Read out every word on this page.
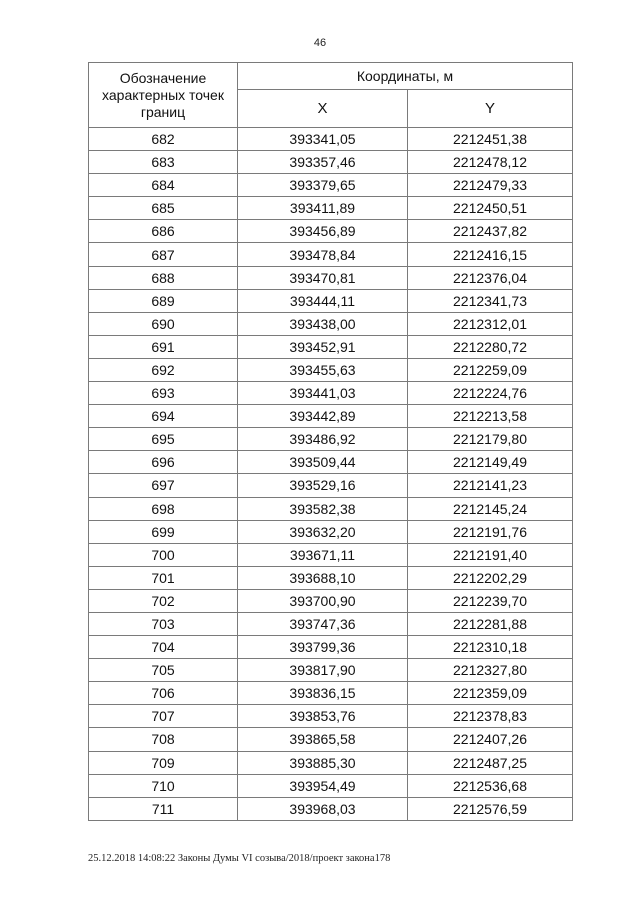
46
Обозначение характерных точек границ	Координаты, м	
	X	Y
682	393341,05	2212451,38
683	393357,46	2212478,12
684	393379,65	2212479,33
685	393411,89	2212450,51
686	393456,89	2212437,82
687	393478,84	2212416,15
688	393470,81	2212376,04
689	393444,11	2212341,73
690	393438,00	2212312,01
691	393452,91	2212280,72
692	393455,63	2212259,09
693	393441,03	2212224,76
694	393442,89	2212213,58
695	393486,92	2212179,80
696	393509,44	2212149,49
697	393529,16	2212141,23
698	393582,38	2212145,24
699	393632,20	2212191,76
700	393671,11	2212191,40
701	393688,10	2212202,29
702	393700,90	2212239,70
703	393747,36	2212281,88
704	393799,36	2212310,18
705	393817,90	2212327,80
706	393836,15	2212359,09
707	393853,76	2212378,83
708	393865,58	2212407,26
709	393885,30	2212487,25
710	393954,49	2212536,68
711	393968,03	2212576,59
25.12.2018 14:08:22 Законы Думы VI созыва/2018/проект закона178
